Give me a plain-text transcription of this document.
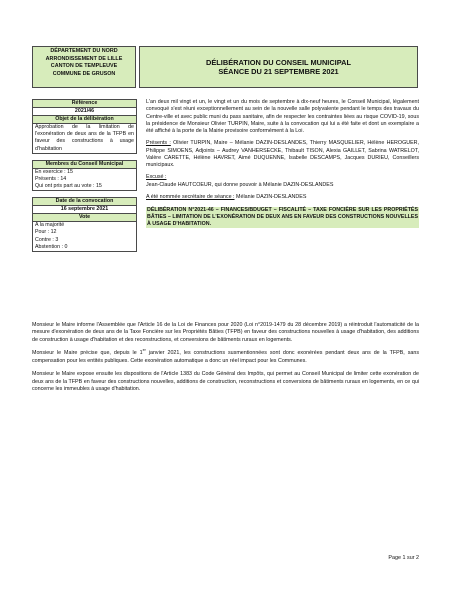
DÉPARTEMENT DU NORD
ARRONDISSEMENT DE LILLE
CANTON DE TEMPLEUVE
COMMUNE DE GRUSON
DÉLIBÉRATION DU CONSEIL MUNICIPAL
SÉANCE DU 21 SEPTEMBRE 2021
Référence
2021/46
Objet de la délibération
Approbation de la limitation de l'exonération de deux ans de la TFPB en faveur des constructions à usage d'habitation
Membres du Conseil Municipal
En exercice : 15
Présents : 14
Qui ont pris part au vote : 15
Date de la convocation
16 septembre 2021
Vote
A la majorité
Pour : 12
Contre : 3
Abstention : 0

L'an deux mil vingt et un, le vingt et un du mois de septembre à dix-neuf heures, le Conseil Municipal, légalement convoqué s'est réuni exceptionnellement au sein de la nouvelle salle polyvalente pendant le temps des travaux du Centre-ville et avec public muni du pass sanitaire, afin de respecter les contraintes liées au risque COVID-19, sous la présidence de Monsieur Olivier TURPIN, Maire, suite à la convocation qui lui a été faite et dont un exemplaire a été affiché à la porte de la Mairie provisoire conformément à la Loi.

Présents : Olivier TURPIN, Maire – Mélanie DAZIN-DESLANDES, Thierry MASQUELIER, Hélène HEROGUER, Philippe SIMOENS, Adjoints – Audrey VANHERSECKE, Thibault TISON, Alexia GAILLET, Sabrina WATRELOT, Valère CARETTE, Hélène HAVRET, Aimé DUQUENNE, Isabelle DESCAMPS, Jacques DURIEU, Conseillers municipaux.

Excusé :

Jean-Claude HAUTCOEUR, qui donne pouvoir à Mélanie DAZIN-DESLANDES

A été nommée secrétaire de séance : Mélanie DAZIN-DESLANDES

DÉLIBÉRATION N°2021-46 – FINANCES/BDUGET – FISCALITÉ – TAXE FONCIÈRE SUR LES PROPRIÉTÉS BÂTIES – LIMITATION DE L'EXONÉRATION DE DEUX ANS EN FAVEUR DES CONSTRUCTIONS NOUVELLES À USAGE D'HABITATION.

Monsieur le Maire informe l'Assemblée que l'Article 16 de la Loi de Finances pour 2020 (Loi n°2019-1479 du 28 décembre 2019) a réintroduit l'automaticité de la mesure d'exonération de deux ans de la Taxe Foncière sur les Propriétés Bâties (TFPB) en faveur des constructions nouvelles à usage d'habitation, des additions de construction à usage d'habitation et des reconstructions, et conversions de bâtiments ruraux en logements.

Monsieur le Maire précise que, depuis le 1er janvier 2021, les constructions susmentionnées sont donc exonérées pendant deux ans de la TFPB, sans compensation pour les entités publiques. Cette exonération automatique a donc un réel impact pour les Communes.

Monsieur le Maire expose ensuite les dispositions de l'Article 1383 du Code Général des Impôts, qui permet au Conseil Municipal de limiter cette exonération de deux ans de la TFPB en faveur des constructions nouvelles, additions de construction, reconstructions et conversions de bâtiments ruraux en logements, en ce qui concerne les immeubles à usage d'habitation.

Page 1 sur 2
